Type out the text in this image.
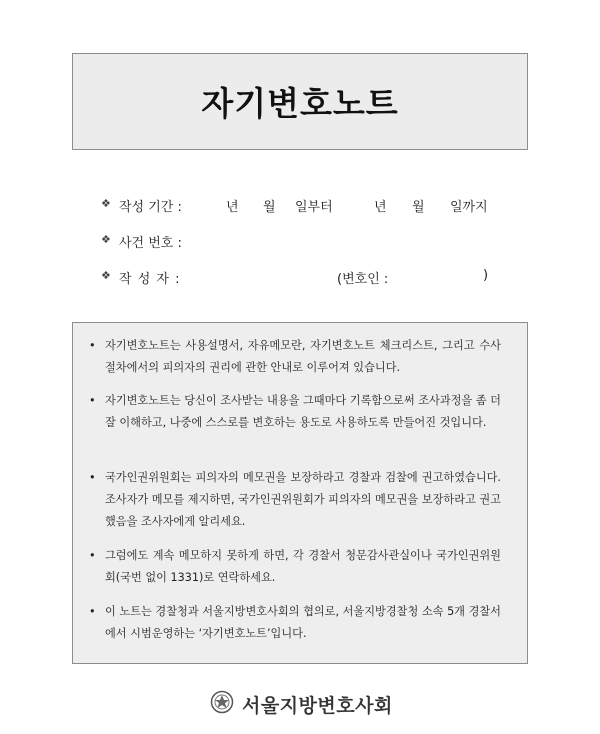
자기변호노트
❖ 작성 기간 :	년 월 일부터	년 월 일까지
❖ 사건 번호 :
❖ 작 성 자 :	(변호인 :	)
• 자기변호노트는 사용설명서, 자유메모란, 자기변호노트 체크리스트, 그리고 수사절차에서의 피의자의 권리에 관한 안내로 이루어져 있습니다.
• 자기변호노트는 당신이 조사받는 내용을 그때마다 기록함으로써 조사과정을 좀 더 잘 이해하고, 나중에 스스로를 변호하는 용도로 사용하도록 만들어진 것입니다.
• 국가인권위원회는 피의자의 메모권을 보장하라고 경찰과 검찰에 권고하였습니다. 조사자가 메모를 제지하면, 국가인권위원회가 피의자의 메모권을 보장하라고 권고했음을 조사자에게 알리세요.
• 그럼에도 계속 메모하지 못하게 하면, 각 경찰서 청문감사관실이나 국가인권위원회(국번 없이 1331)로 연락하세요.
• 이 노트는 경찰청과 서울지방변호사회의 협의로, 서울지방경찰청 소속 5개 경찰서에서 시범운영하는 ‘자기변호노트’입니다.
서울지방변호사회
